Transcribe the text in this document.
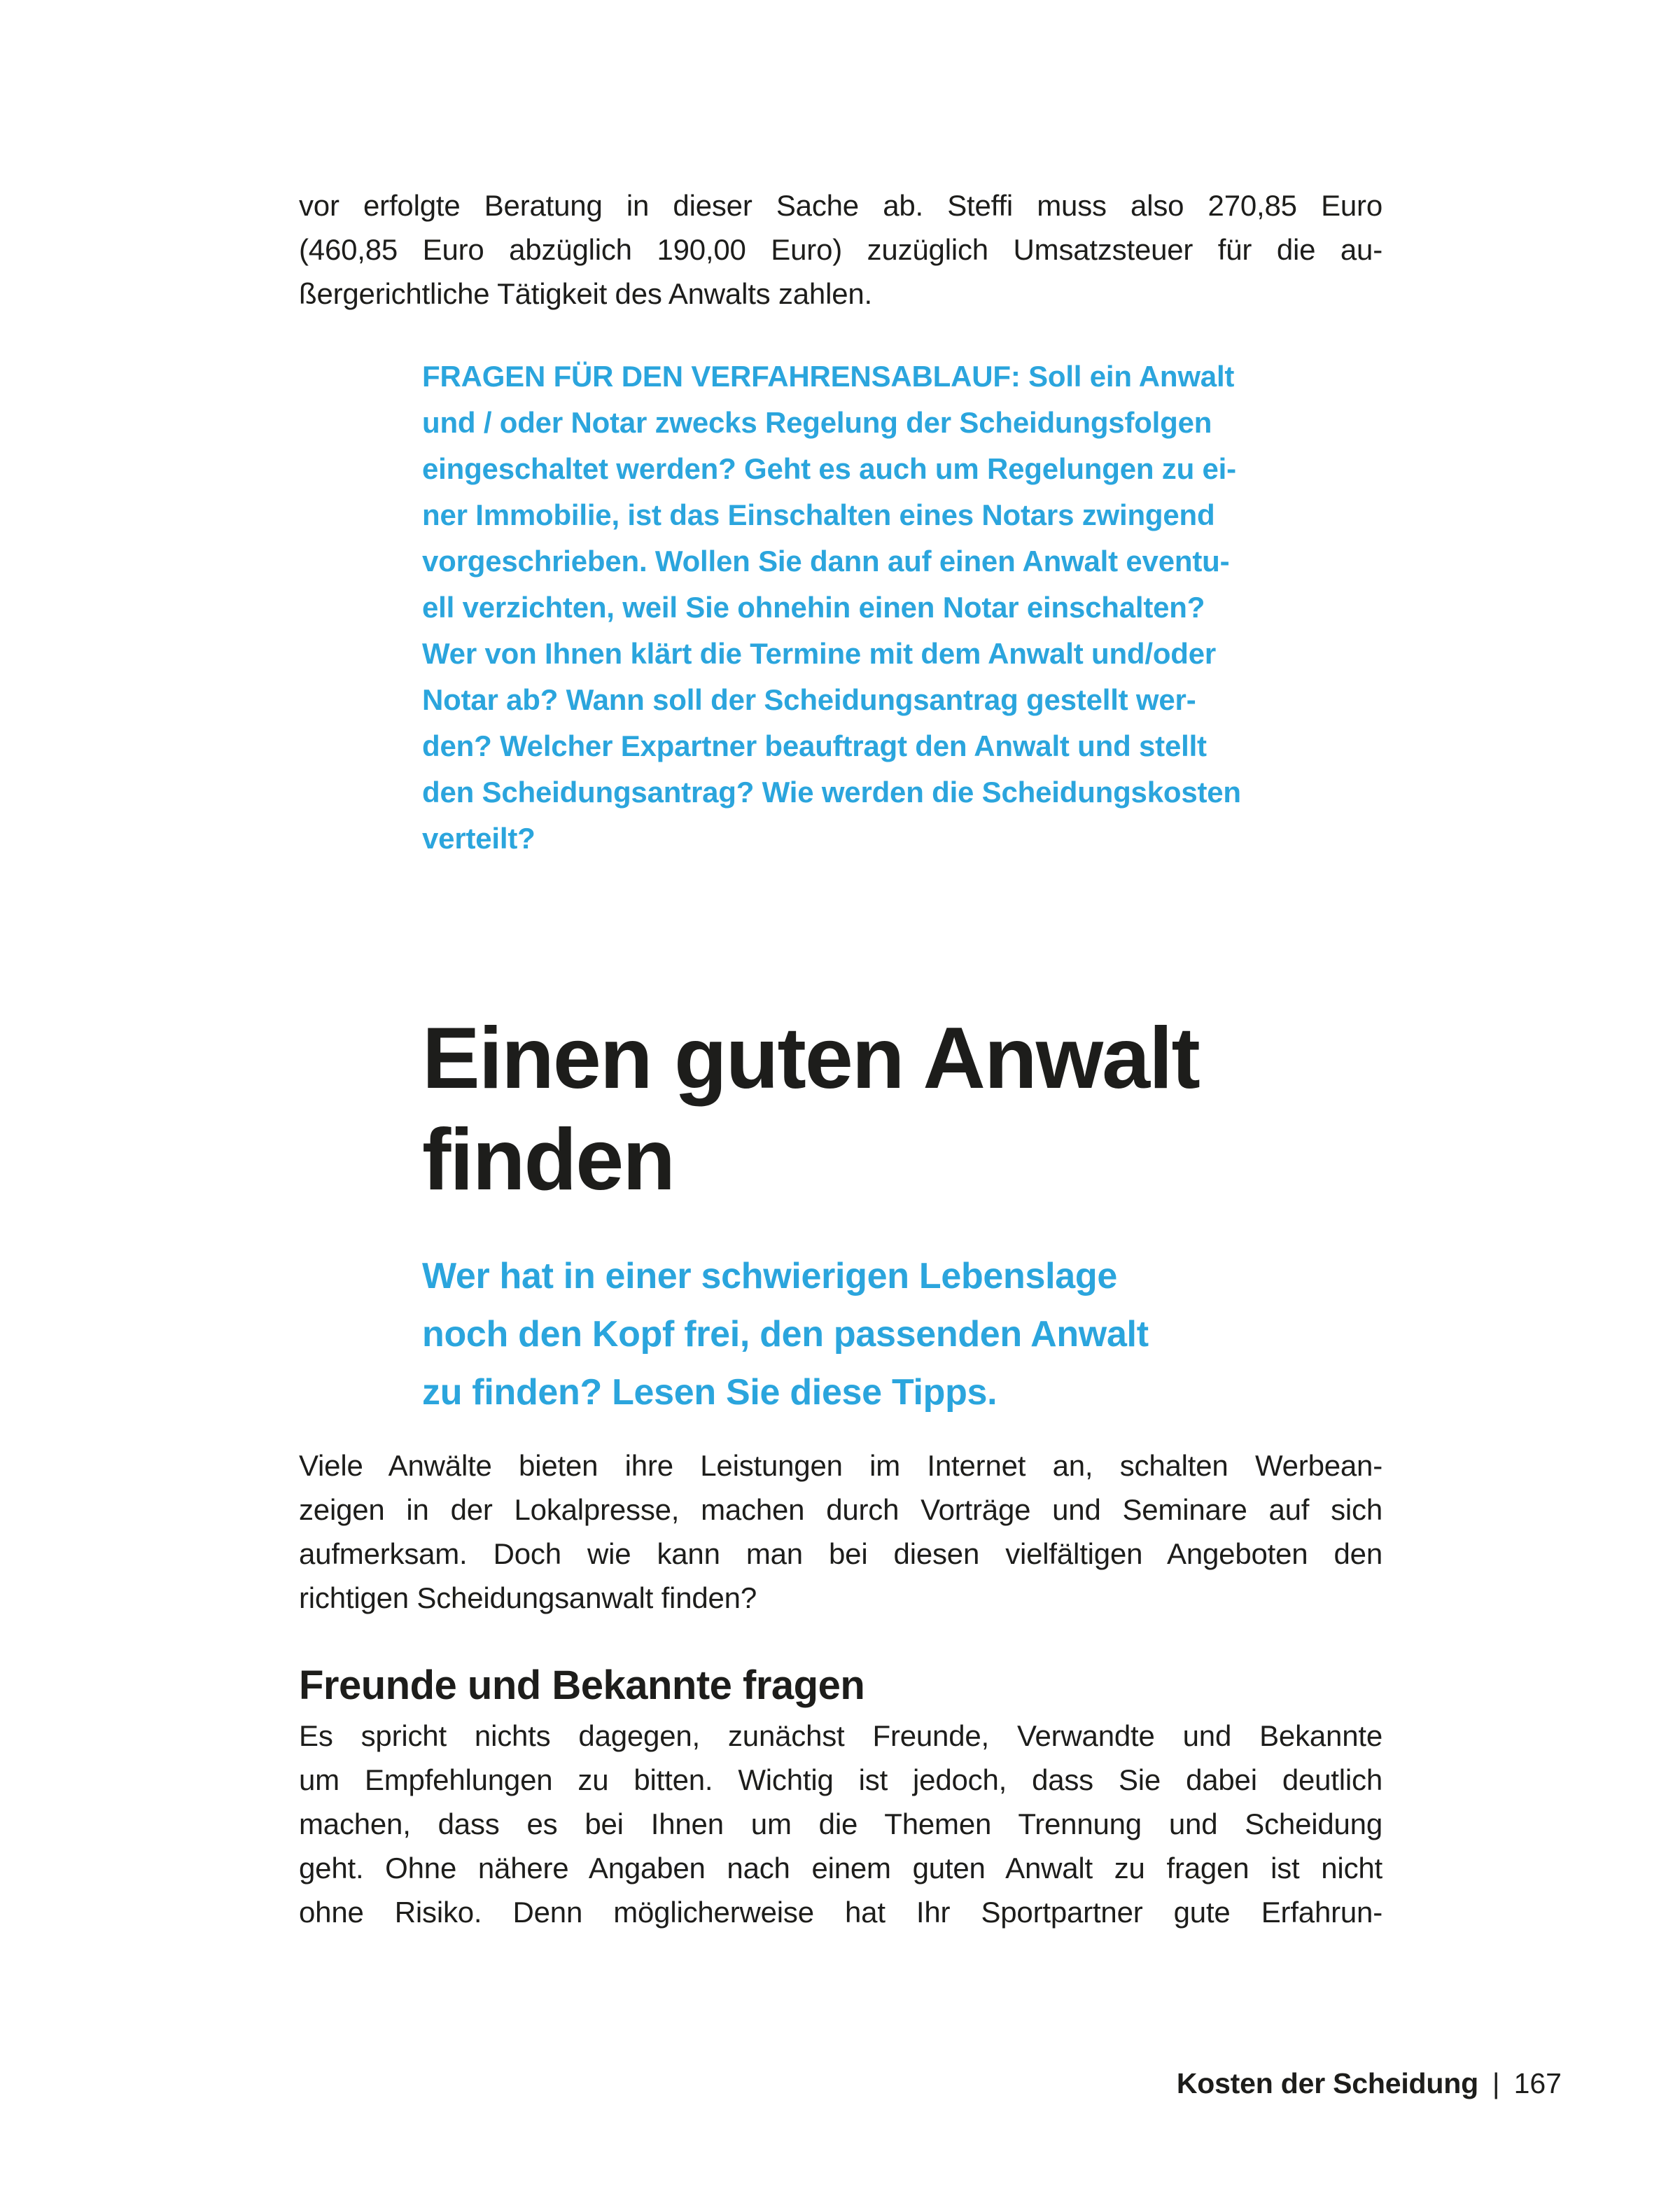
vor erfolgte Beratung in dieser Sache ab. Steffi muss also 270,85 Euro
(460,85 Euro abzüglich 190,00 Euro) zuzüglich Umsatzsteuer für die au-
ßergerichtliche Tätigkeit des Anwalts zahlen.

FRAGEN FÜR DEN VERFAHRENSABLAUF: Soll ein Anwalt
und / oder Notar zwecks Regelung der Scheidungsfolgen
eingeschaltet werden? Geht es auch um Regelungen zu ei-
ner Immobilie, ist das Einschalten eines Notars zwingend
vorgeschrieben. Wollen Sie dann auf einen Anwalt eventu-
ell verzichten, weil Sie ohnehin einen Notar einschalten?
Wer von Ihnen klärt die Termine mit dem Anwalt und/oder
Notar ab? Wann soll der Scheidungsantrag gestellt wer-
den? Welcher Expartner beauftragt den Anwalt und stellt
den Scheidungsantrag? Wie werden die Scheidungskosten
verteilt?
Einen guten Anwalt
finden
Wer hat in einer schwierigen Lebenslage
noch den Kopf frei, den passenden Anwalt
zu finden? Lesen Sie diese Tipps.

Viele Anwälte bieten ihre Leistungen im Internet an, schalten Werbean-
zeigen in der Lokalpresse, machen durch Vorträge und Seminare auf sich
aufmerksam. Doch wie kann man bei diesen vielfältigen Angeboten den
richtigen Scheidungsanwalt finden?

Freunde und Bekannte fragen

Es spricht nichts dagegen, zunächst Freunde, Verwandte und Bekannte
um Empfehlungen zu bitten. Wichtig ist jedoch, dass Sie dabei deutlich
machen, dass es bei Ihnen um die Themen Trennung und Scheidung
geht. Ohne nähere Angaben nach einem guten Anwalt zu fragen ist nicht
ohne Risiko. Denn möglicherweise hat Ihr Sportpartner gute Erfahrun-

Kosten der Scheidung | 167
